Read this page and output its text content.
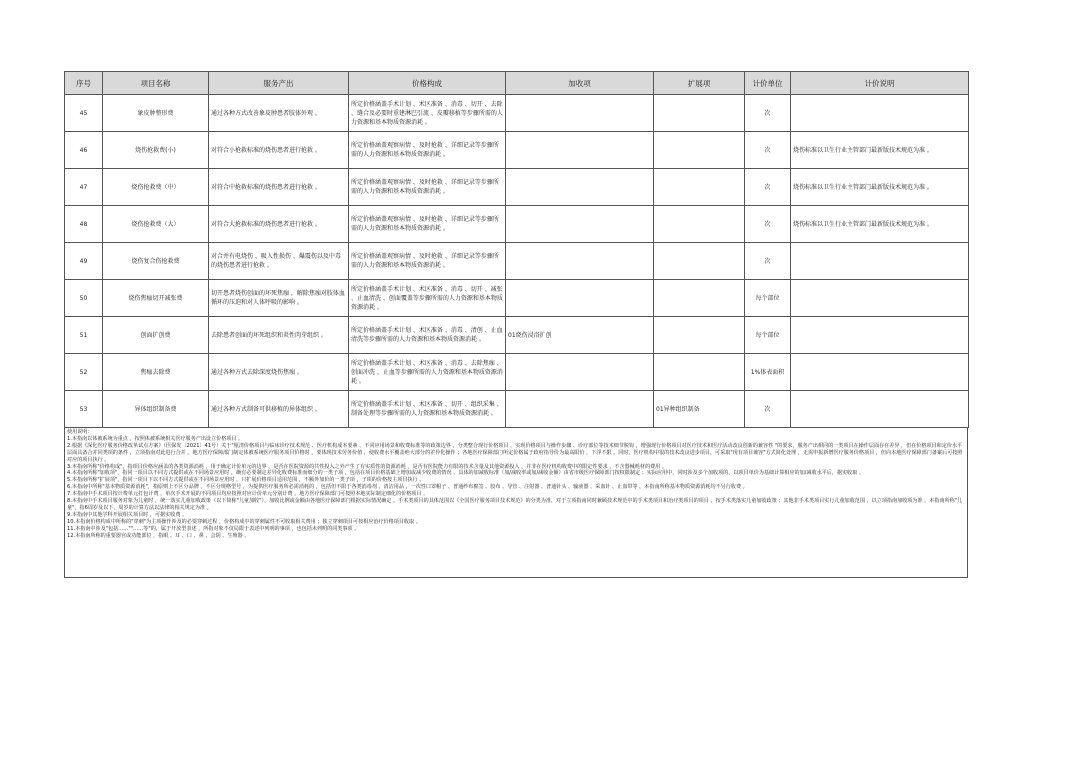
序号	项目名称	服务产出	价格构成	加收项	扩展项	计价单位	计价说明
45	象皮肿整形费	通过各种方式改善象皮肿患者肢体外观 。	所定价格涵盖手术计划 、术区准备 、消毒 、切开 、去除 、缝合及必要时重建淋巴引流 、皮瓣移植等步骤所需的人力资源和基本物质资源消耗 。			次	
46	烧伤抢救费(小)	对符合小抢救标准的烧伤患者进行抢救 。	所定价格涵盖观察病情 、及时抢救 、详细记录等步骤所需的人力资源和基本物质资源消耗 。			次	烧伤标准以卫生行业主管部门最新版技术规范为准 。
47	烧伤抢救费（中）	对符合中抢救标准的烧伤患者进行抢救 。	所定价格涵盖观察病情 、及时抢救 、详细记录等步骤所需的人力资源和基本物质资源消耗 。			次	烧伤标准以卫生行业主管部门最新版技术规范为准 。
48	烧伤抢救费（大）	对符合大抢救标准的烧伤患者进行抢救 。	所定价格涵盖观察病情 、及时抢救 、详细记录等步骤所需的人力资源和基本物质资源消耗 。			次	烧伤标准以卫生行业主管部门最新版技术规范为准 。
49	烧伤复合伤抢救费	对合并有电烧伤 、吸入性损伤 、爆震伤以及中毒的烧伤患者进行抢救 。	所定价格涵盖观察病情 、及时抢救 、详细记录等步骤所需的人力资源和基本物质资源消耗 。			次	
50	烧伤焦痂切开减张费	切开患者烧伤创面的坏死焦痂 ，解除焦痂对肢体血循环的压迫和对人体呼吸的影响 。	所定价格涵盖手术计划 、术区准备 、消毒 、切开 、减张 、止血清洗 、创面覆盖等步骤所需的人力资源和基本物质资源消耗 。			每个部位	
51	创面扩创费	去除患者创面的坏死组织和炎性肉芽组织 。	所定价格涵盖手术计划 、术区准备 、消毒 、清创 、止血清洗等步骤所需的人力资源和基本物质资源消耗 。	01烧伤浸浴扩创		每个部位	
52	焦痂去除费	通过各种方式去除深度烧伤焦痂 。	所定价格涵盖手术计划 、术区准备 、消毒 、去除焦痂 、创面冲洗 、止血等步骤所需的人力资源和基本物质资源消耗 。			1%体表面积	
53	异体组织制备费	通过各种方式制备可供移植的异体组织 。	所定价格涵盖手术计划 、术区准备 、切开 、组织采集 、制备处理等步骤所需的人力资源和基本物质资源消耗 。		01异种组织制备	次	
使用说明：
1.本指南以体被系统为重点 ，按照体被系统相关医疗服务产出设立价格项目 。
2.根据《深化医疗服务价格改革试点方案》（医保发〔2021〕41号）关于"厘清价格项目与临床诊疗技术规范 、医疗机构成本要素 、不同应用场景和收费标准等的政策边界 ，分类整合现行价格项目 ，实现价格项目与操作步骤 、诊疗部位等技术细节脱钩 ，增强现行价格项目对医疗技术和医疗活动改良创新的兼容性 "的要求，服务产出相同的一类项目在操作层面存在差异 ，但在价格项目和定价水平层面具备合并同类项的条件 ，立项指南对此进行合并 。地方医疗保障部门制定体被系统医疗服务项目价格时 ，要体现技术劳务价值 ，使收费水平覆盖绝大部分的差异化操作 ；各地医疗保障部门所定价格属于政府指导价为最高限价 ，下浮不限 。同时，医疗机构中很的技术改良进步项目，可采取"现有项目兼容"方式简化处理 ，无需申报新增医疗服务价格项目 ，但向本地医疗保障部门备案后可按照对应的项目执行 。
3.本指南所称"价格构成"，指项目价格应涵盖的各类资源消耗 ，用于确定计价单元的边界 ，是否在医院资源的共性投入之外产生了有实质性的资源消耗 ，是否有医院能力有限的技术含量及其他资源投入 ，并非在医疗机构收费中的限定性要求 ，不含器械耗材的费用 。
4.本指南所称"加收项"，指同一项目以不同方式提供或在不同场景应用时 ，确有必要制定差异化收费标准而细分的一类子项 ，包括在项目价格基础上增加或减少收费的情况 ，具体的加减收标准（加/减收率或加/减收金额）由省市级医疗保障部门按权限制定 ；实际应用中，同时涉及多个加收项的，以项目单价为基础计算相应的加/减收水平后，据实收取 。
5.本指南所称"扩展项"，指同一项目下以不同方式提供或在不同场景应用时 ，只扩展价格项目适用范围 ，不额外加价的一类子项 ，子项的价格按主项目执行 。
6.本指南中所称"基本物质资源消耗"，指原则上不区分品牌 、不区分规格型号 ，为提供医疗服务所必需消耗的 ，包括但不限于各类消毒剂 、清洁用品 、一次性口罩帽子 、普通纱布棉签 、胶布 、导管 、注射器 、普通针头 、输液器 、采血针 、止血带等 ，本指南所称基本物质资源消耗均不另行收费 。
7.本指南中手术项目按计费单元打包计费 ，单次手术开展的不同项目均应按照对应计价单元分别计费 。地方医疗保障部门可按照本地实际制定细化的价格项目 。
8.本指南中手术项目服务对象为儿童时 ，统一落实儿童加收政策（以下简称"儿童加收"），加收比例或金额由各地医疗保障部门根据实际情况确定 。手术类项目的具体范围以《全国医疗服务项目技术规范》的分类为准，对于立项指南同时兼顾技术规范中的手术类项目和治疗类项目的项目 ，按手术类落实儿童加收政策 ；其他非手术类项目实行儿童加收范围 ，以立项指南加收项为准 。本指南所称"儿童"，指6周岁及以下，周岁的计算方法以法律的相关规定为准 。
9.本指南中其他学科开展相关项目时 ，可据实收费 。
10.本指南价格构成中所称的"穿刺"为主项操作涉及的必要穿刺过程 ，价格构成中的穿刺属性不可收取相关费用 ；独立穿刺项目可按相应治疗价格项目收取 。
11.本指南中涉及"包括……""……等"的，属于开放型表述 ，所指对象不仅局限于表述中列明的事项 ，也包括未列明的同类事项 。
12.本指南所称的重要器官或功能部位 ，指眼 、耳 、口 、鼻 、会阴 、生殖器 。
